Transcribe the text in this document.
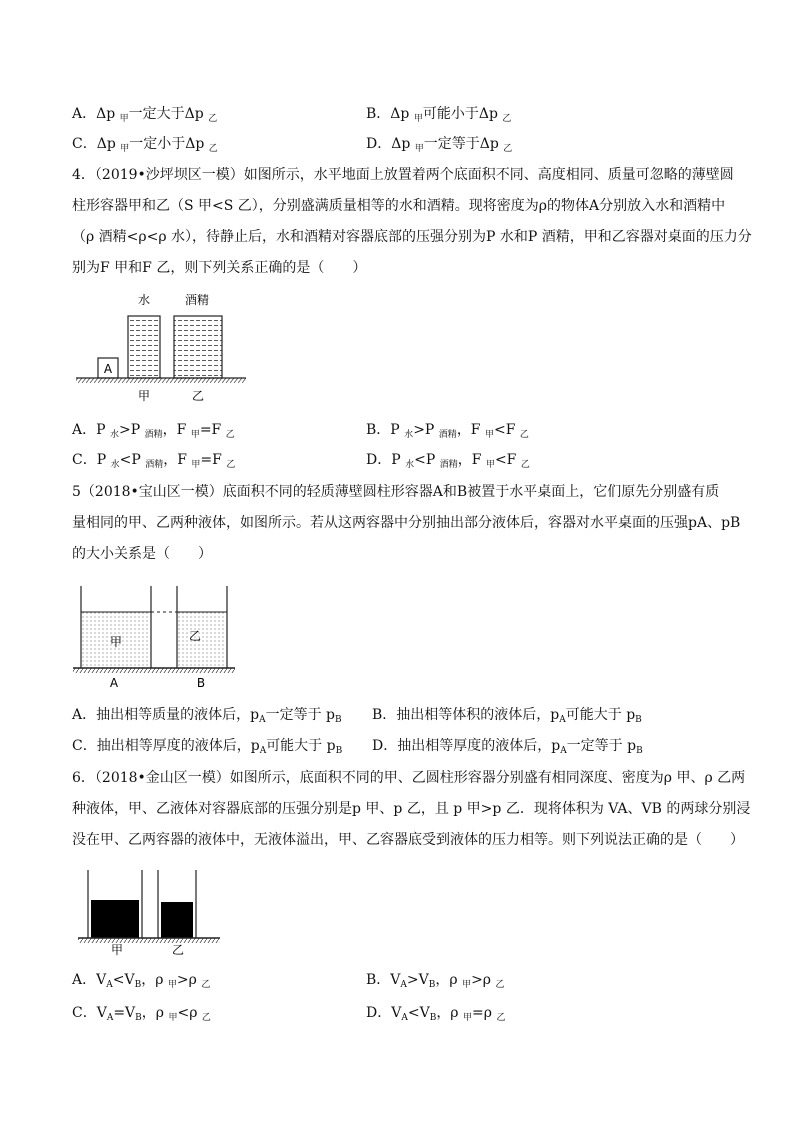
A．Δp $_甲$一定大于Δp $_乙$	B．Δp $_甲$可能小于Δp $_乙$
C．Δp $_甲$一定小于Δp $_乙$	D．Δp $_甲$一定等于Δp $_乙$
4．（2019•沙坪坝区一模）如图所示，水平地面上放置着两个底面积不同、高度相同、质量可忽略的薄壁圆
柱形容器甲和乙（S 甲<S 乙），分别盛满质量相等的水和酒精。现将密度为ρ的物体A分别放入水和酒精中
（ρ 酒精<ρ<ρ 水），待静止后，水和酒精对容器底部的压强分别为P 水和P 酒精，甲和乙容器对桌面的压力分
别为F 甲和F 乙，则下列关系正确的是（　　）
水	酒精
A
甲	乙
A．P $_水$>P $_{酒精}$，F $_甲$=F $_乙$	B．P $_水$>P $_{酒精}$，F $_甲$<F $_乙$
C．P $_水$<P $_{酒精}$，F $_甲$=F $_乙$	D．P $_水$<P $_{酒精}$，F $_甲$<F $_乙$
5（2018•宝山区一模）底面积不同的轻质薄壁圆柱形容器A和B被置于水平桌面上，它们原先分别盛有质
量相同的甲、乙两种液体，如图所示。若从这两容器中分别抽出部分液体后，容器对水平桌面的压强pA、pB
的大小关系是（　　）
甲	乙
A	B
A．抽出相等质量的液体后，$p_A$一定等于 $p_B$ B．抽出相等体积的液体后，$p_A$可能大于 $p_B$
C．抽出相等厚度的液体后，$p_A$可能大于 $p_B$ D．抽出相等厚度的液体后，$p_A$一定等于 $p_B$
6．（2018•金山区一模）如图所示，底面积不同的甲、乙圆柱形容器分别盛有相同深度、密度为ρ 甲、ρ 乙两
种液体，甲、乙液体对容器底部的压强分别是p 甲、p 乙，且 p 甲>p 乙．现将体积为 VA、VB 的两球分别浸
没在甲、乙两容器的液体中，无液体溢出，甲、乙容器底受到液体的压力相等。则下列说法正确的是（　　）
甲	乙
A．$V_A<V_B$，ρ $_甲$>ρ $_乙$	B．$V_A>V_B$，ρ $_甲$>ρ $_乙$
C．$V_A=V_B$，ρ $_甲$<ρ $_乙$	D．$V_A<V_B$，ρ $_甲$=ρ $_乙$
